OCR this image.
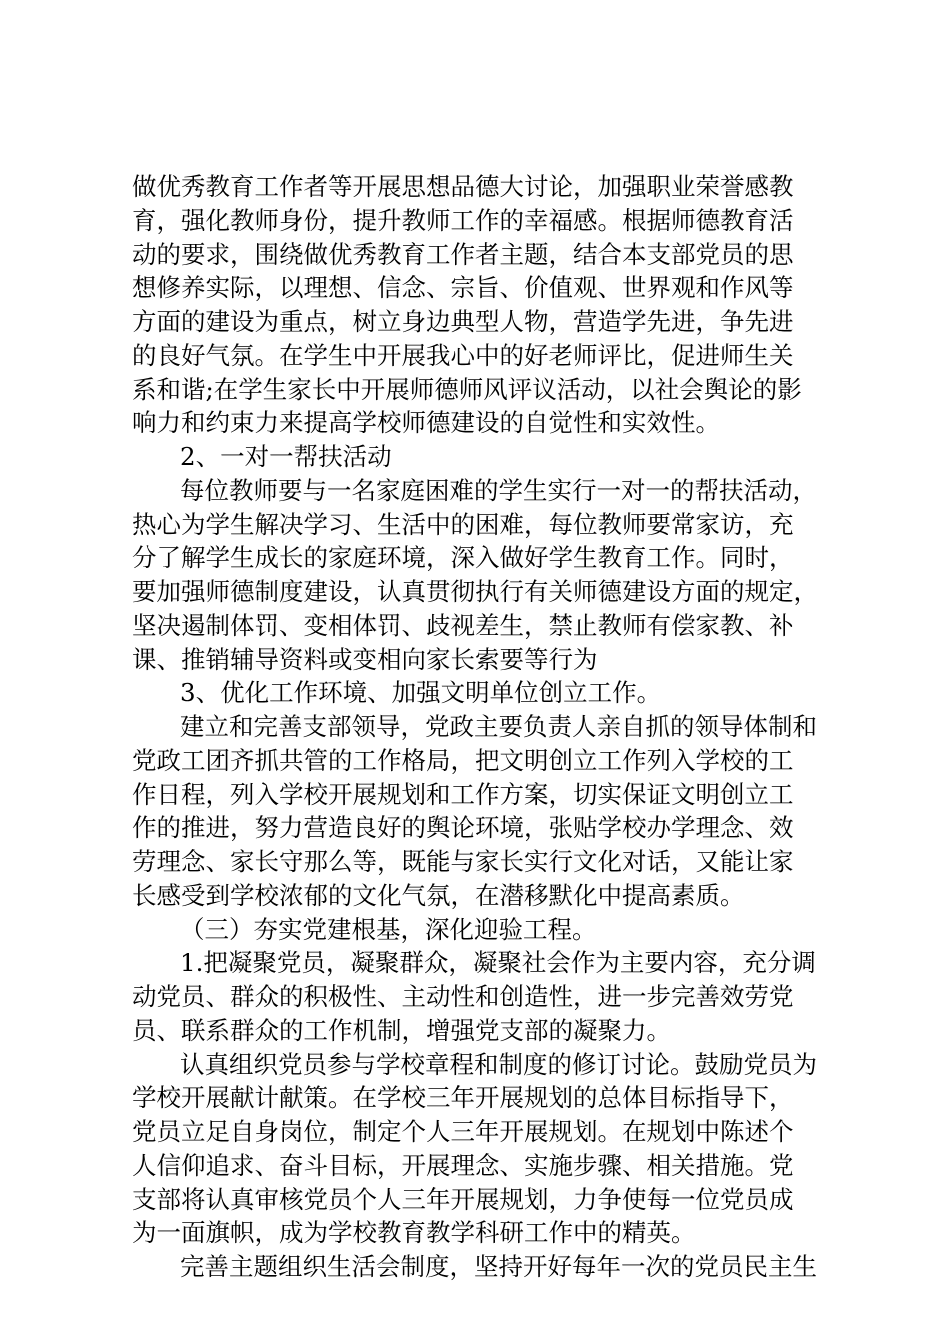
做优秀教育工作者等开展思想品德大讨论，加强职业荣誉感教
育，强化教师身份，提升教师工作的幸福感。根据师德教育活
动的要求，围绕做优秀教育工作者主题，结合本支部党员的思
想修养实际，以理想、信念、宗旨、价值观、世界观和作风等
方面的建设为重点，树立身边典型人物，营造学先进，争先进
的良好气氛。在学生中开展我心中的好老师评比，促进师生关
系和谐;在学生家长中开展师德师风评议活动，以社会舆论的影
响力和约束力来提高学校师德建设的自觉性和实效性。
2、一对一帮扶活动
每位教师要与一名家庭困难的学生实行一对一的帮扶活动，
热心为学生解决学习、生活中的困难，每位教师要常家访，充
分了解学生成长的家庭环境，深入做好学生教育工作。同时，
要加强师德制度建设，认真贯彻执行有关师德建设方面的规定，
坚决遏制体罚、变相体罚、歧视差生，禁止教师有偿家教、补
课、推销辅导资料或变相向家长索要等行为
3、优化工作环境、加强文明单位创立工作。
建立和完善支部领导，党政主要负责人亲自抓的领导体制和
党政工团齐抓共管的工作格局，把文明创立工作列入学校的工
作日程，列入学校开展规划和工作方案，切实保证文明创立工
作的推进，努力营造良好的舆论环境，张贴学校办学理念、效
劳理念、家长守那么等，既能与家长实行文化对话，又能让家
长感受到学校浓郁的文化气氛，在潜移默化中提高素质。
（三）夯实党建根基，深化迎验工程。
1.把凝聚党员，凝聚群众，凝聚社会作为主要内容，充分调
动党员、群众的积极性、主动性和创造性，进一步完善效劳党
员、联系群众的工作机制，增强党支部的凝聚力。
认真组织党员参与学校章程和制度的修订讨论。鼓励党员为
学校开展献计献策。在学校三年开展规划的总体目标指导下，
党员立足自身岗位，制定个人三年开展规划。在规划中陈述个
人信仰追求、奋斗目标，开展理念、实施步骤、相关措施。党
支部将认真审核党员个人三年开展规划，力争使每一位党员成
为一面旗帜，成为学校教育教学科研工作中的精英。
完善主题组织生活会制度，坚持开好每年一次的党员民主生
